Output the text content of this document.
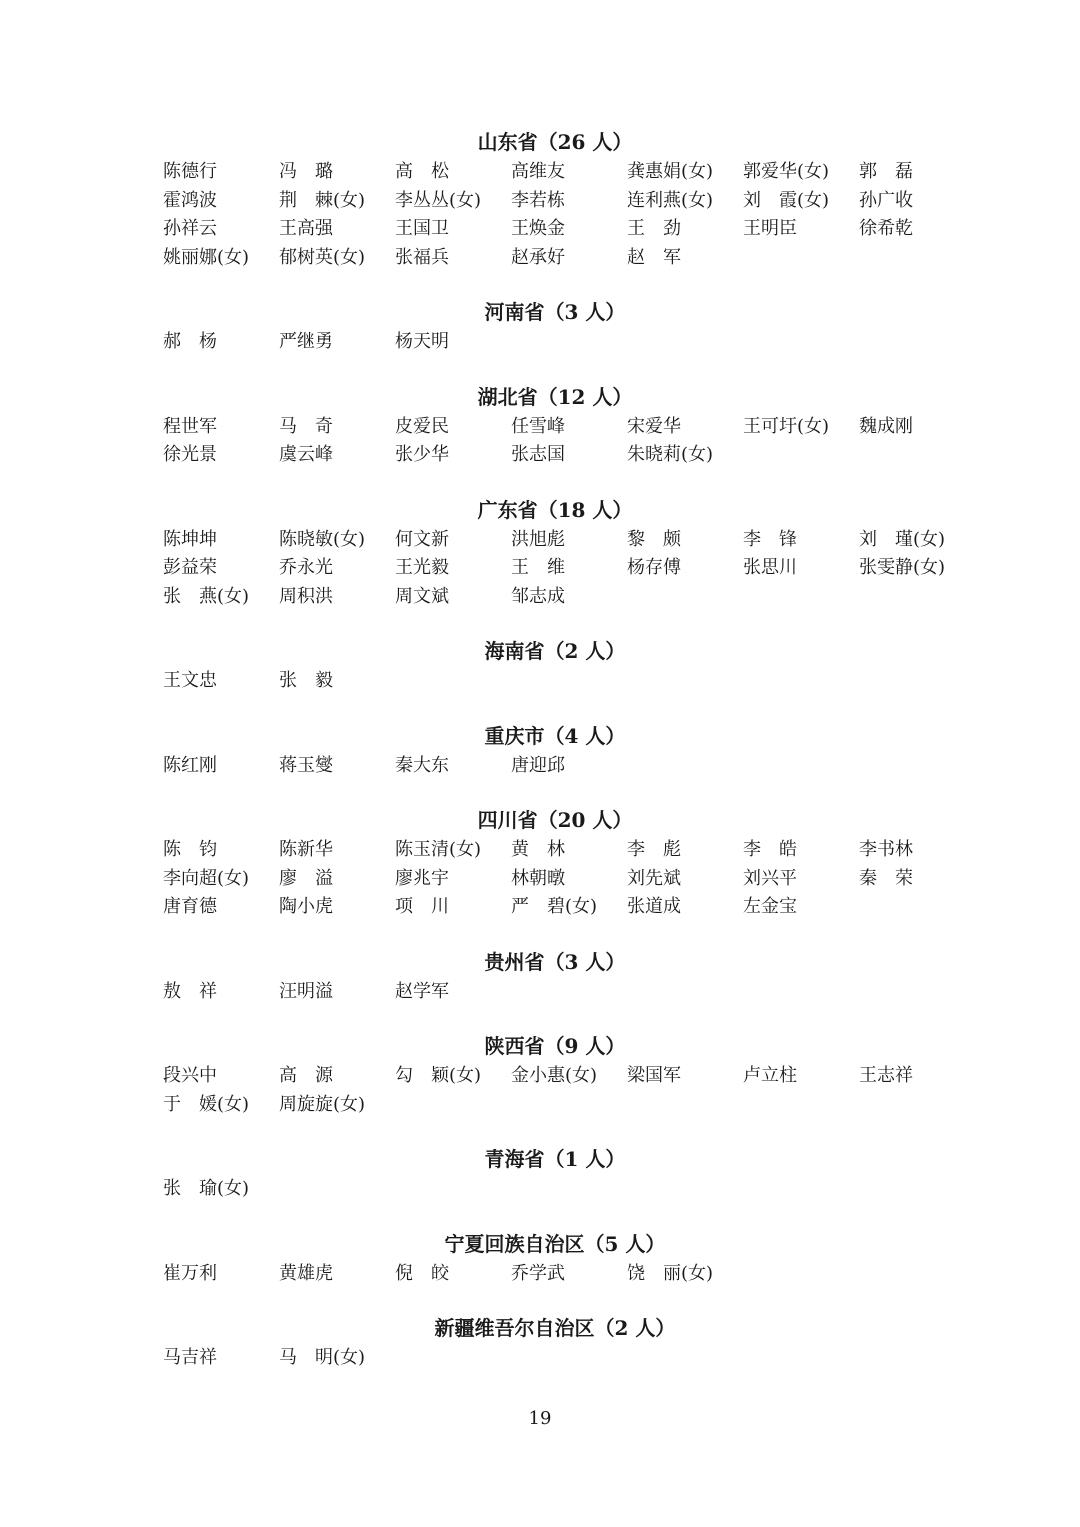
山东省（26 人）
陈德行	冯　璐	高　松	高维友	龚惠娟(女)	郭爱华(女)	郭　磊
霍鸿波	荆　棘(女)	李丛丛(女)	李若栋	连利燕(女)	刘　霞(女)	孙广收
孙祥云	王高强	王国卫	王焕金	王　劲	王明臣	徐希乾
姚丽娜(女)	郁树英(女)	张福兵	赵承好	赵　军
河南省（3 人）
郝　杨	严继勇	杨天明
湖北省（12 人）
程世军	马　奇	皮爱民	任雪峰	宋爱华	王可圩(女)	魏成刚
徐光景	虞云峰	张少华	张志国	朱晓莉(女)
广东省（18 人）
陈坤坤	陈晓敏(女)	何文新	洪旭彪	黎　颇	李　锋	刘　瑾(女)
彭益荣	乔永光	王光毅	王　维	杨存傅	张思川	张雯静(女)
张　燕(女)	周积洪	周文斌	邹志成
海南省（2 人）
王文忠	张　毅
重庆市（4 人）
陈红刚	蒋玉燮	秦大东	唐迎邱
四川省（20 人）
陈　钧	陈新华	陈玉清(女)	黄　林	李　彪	李　皓	李书林
李向超(女)	廖　溢	廖兆宇	林朝暾	刘先斌	刘兴平	秦　荣
唐育德	陶小虎	项　川	严　碧(女)	张道成	左金宝
贵州省（3 人）
敖　祥	汪明溢	赵学军
陕西省（9 人）
段兴中	高　源	勾　颖(女)	金小惠(女)	梁国军	卢立柱	王志祥
于　媛(女)	周旋旋(女)
青海省（1 人）
张　瑜(女)
宁夏回族自治区（5 人）
崔万利	黄雄虎	倪　皎	乔学武	饶　丽(女)
新疆维吾尔自治区（2 人）
马吉祥	马　明(女)
19
